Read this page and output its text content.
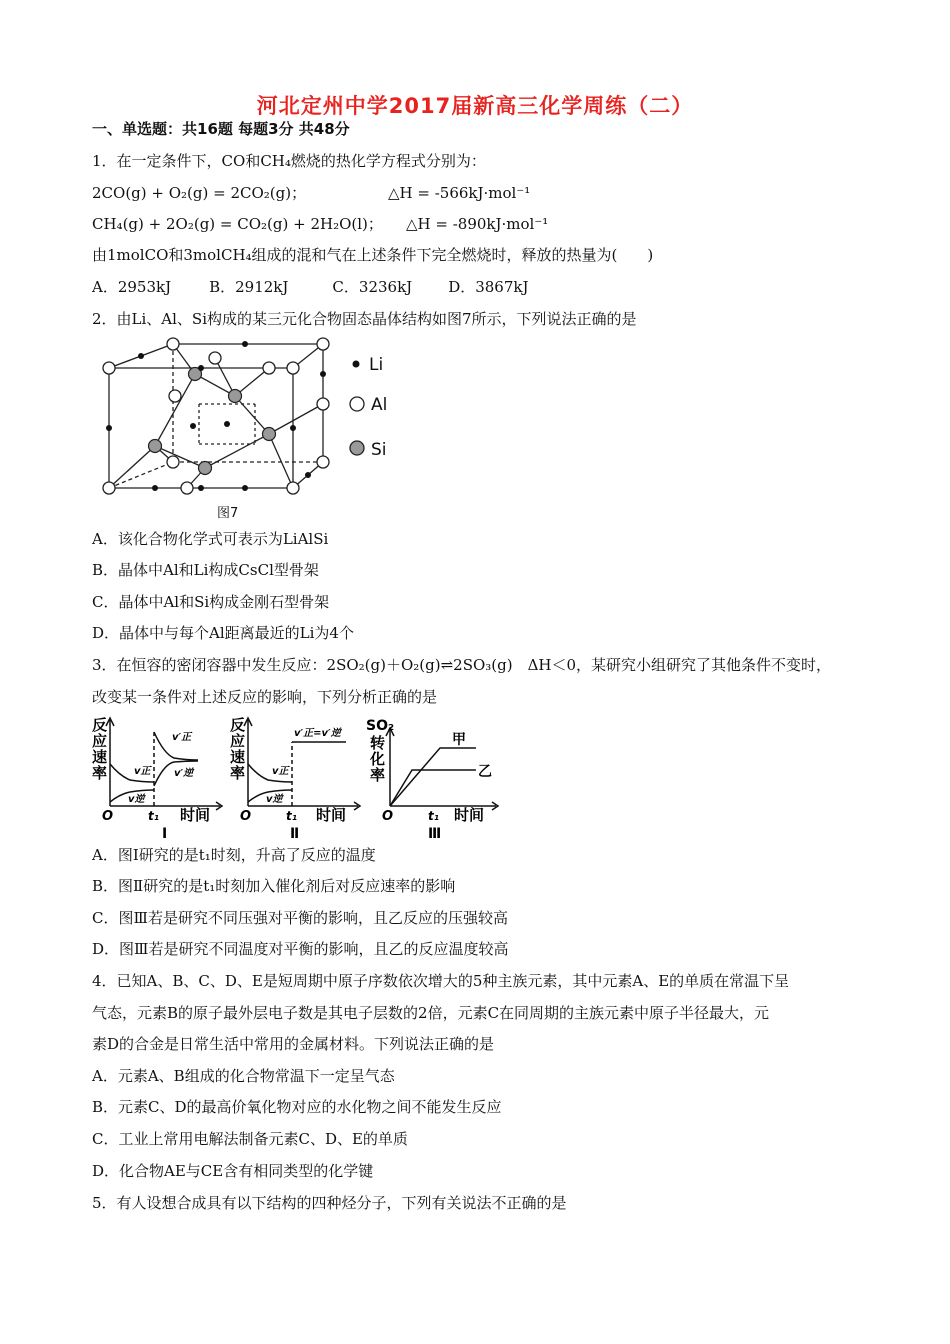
河北定州中学2017届新高三化学周练（二）
一、单选题：共16题 每题3分 共48分
1．在一定条件下，CO和CH₄燃烧的热化学方程式分别为：
2CO(g) + O₂(g) = 2CO₂(g)；	△H = -566kJ·mol⁻¹
CH₄(g) + 2O₂(g) = CO₂(g) + 2H₂O(l)； △H = -890kJ·mol⁻¹
由1molCO和3molCH₄组成的混和气在上述条件下完全燃烧时，释放的热量为(　　)
A．2953kJ	B．2912kJ	C．3236kJ D．3867kJ
2．由Li、Al、Si构成的某三元化合物固态晶体结构如图7所示，下列说法正确的是
Li
Al
Si
图7
A．该化合物化学式可表示为LiAlSi
B．晶体中Al和Li构成CsCl型骨架
C．晶体中Al和Si构成金刚石型骨架
D．晶体中与每个Al距离最近的Li为4个
3．在恒容的密闭容器中发生反应：2SO₂(g)＋O₂(g)⇌2SO₃(g)　ΔH＜0，某研究小组研究了其他条件不变时，
改变某一条件对上述反应的影响，下列分析正确的是
反
应
速
率	v正
v逆
v′正
v′逆
O	t₁ 时间
Ⅰ
反
应
速
率	v正
v逆
v′正=v′逆
O	t₁ 时间
Ⅱ
SO₂
转
化
率
甲
乙
O	t₁ 时间
Ⅲ
A．图Ⅰ研究的是t₁时刻，升高了反应的温度
B．图Ⅱ研究的是t₁时刻加入催化剂后对反应速率的影响
C．图Ⅲ若是研究不同压强对平衡的影响，且乙反应的压强较高
D．图Ⅲ若是研究不同温度对平衡的影响，且乙的反应温度较高
4．已知A、B、C、D、E是短周期中原子序数依次增大的5种主族元素，其中元素A、E的单质在常温下呈
气态，元素B的原子最外层电子数是其电子层数的2倍，元素C在同周期的主族元素中原子半径最大，元
素D的合金是日常生活中常用的金属材料。下列说法正确的是
A．元素A、B组成的化合物常温下一定呈气态
B．元素C、D的最高价氧化物对应的水化物之间不能发生反应
C．工业上常用电解法制备元素C、D、E的单质
D．化合物AE与CE含有相同类型的化学键
5．有人设想合成具有以下结构的四种烃分子，下列有关说法不正确的是
